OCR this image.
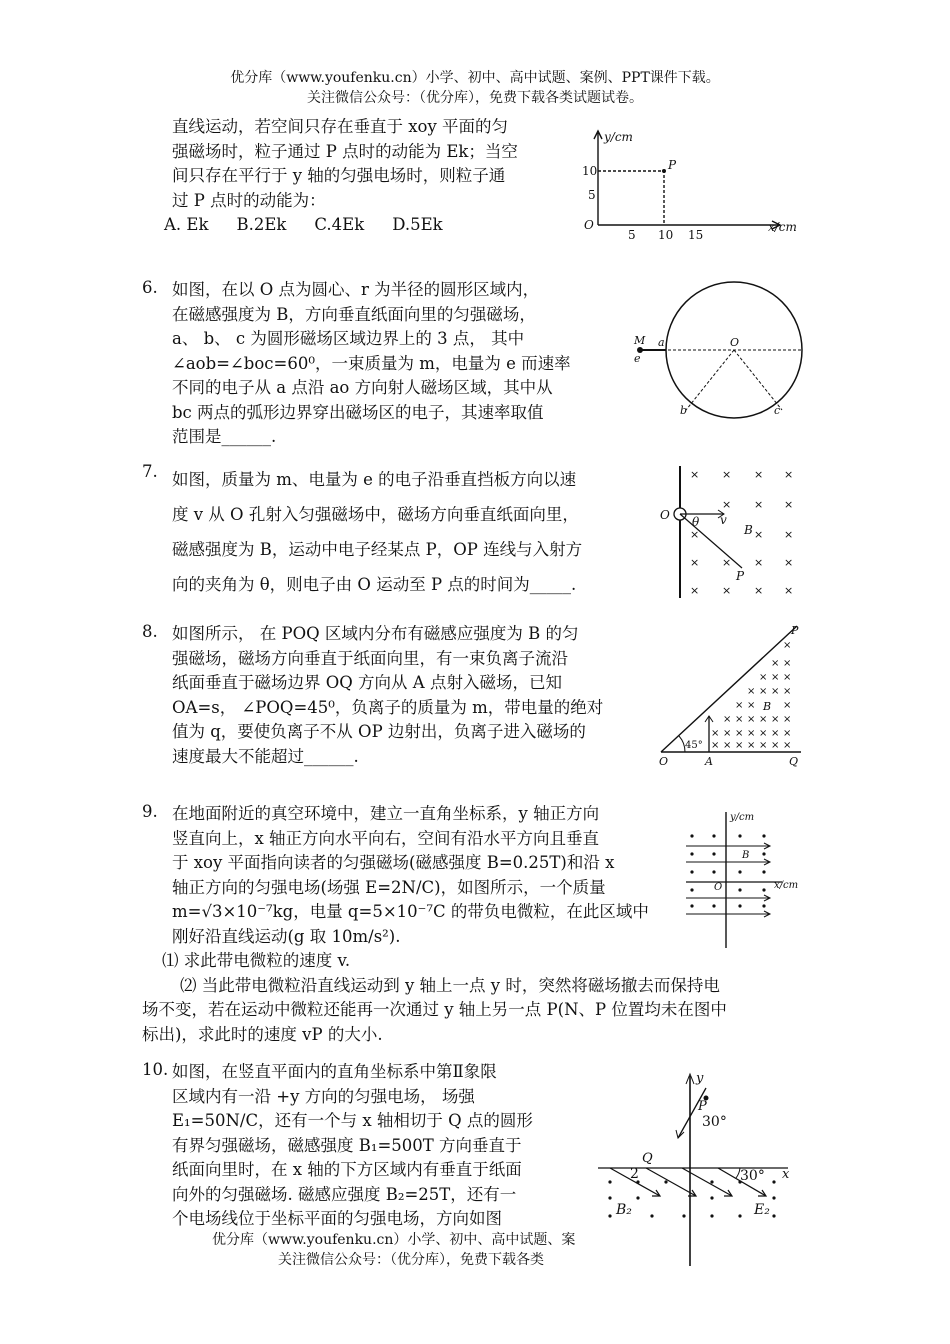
优分库（www.youfenku.cn）小学、初中、高中试题、案例、PPT课件下载。
关注微信公众号：（优分库），免费下载各类试题试卷。

直线运动，若空间只存在垂直于 xoy 平面的匀

强磁场时，粒子通过 P 点时的动能为 Ek；当空

间只存在平行于 y 轴的匀强电场时，则粒子通

过 P 点时的动能为：

A. Ek B.2Ek C.4Ek D.5Ek

y/cm
x/cm
O
P
10
5
5 10 15
6. 如图，在以 O 点为圆心、r 为半径的圆形区域内，

在磁感强度为 B，方向垂直纸面向里的匀强磁场，

a、 b、 c 为圆形磁场区域边界上的 3 点， 其中

∠aob=∠boc=60⁰，一束质量为 m，电量为 e 而速率

不同的电子从 a 点沿 ao 方向射人磁场区域，其中从

bc 两点的弧形边界穿出磁场区的电子，其速率取值

范围是______.

M
e
a	O
b	c
7. 如图，质量为 m、电量为 e 的电子沿垂直挡板方向以速

度 v 从 O 孔射入匀强磁场中，磁场方向垂直纸面向里，

磁感强度为 B，运动中电子经某点 P，OP 连线与入射方

向的夹角为 θ，则电子由 O 运动至 P 点的时间为_____.

× × × ×
× × ×
×	× ×
× × × ×
× × × ×
O θ v
B
P
8. 如图所示， 在 POQ 区域内分布有磁感应强度为 B 的匀

强磁场，磁场方向垂直于纸面向里，有一束负离子流沿

纸面垂直于磁场边界 OQ 方向从 A 点射入磁场，已知

OA=s， ∠POQ=45⁰，负离子的质量为 m，带电量的绝对

值为 q，要使负离子不从 OP 边射出，负离子进入磁场的

速度最大不能超过______.

×
× ×
× × ×
× × × ×
× ×	×
× × × × × ×
× × × × × × ×
× × × × × × ×
O	A	Q
P
B
45°
9. 在地面附近的真空环境中，建立一直角坐标系，y 轴正方向

竖直向上，x 轴正方向水平向右，空间有沿水平方向且垂直

于 xoy 平面指向读者的匀强磁场(磁感强度 B=0.25T)和沿 x

轴正方向的匀强电场(场强 E=2N/C)，如图所示，一个质量

m=√3×10⁻⁷kg，电量 q=5×10⁻⁷C 的带负电微粒，在此区域中

刚好沿直线运动(g 取 10m/s²).

⑴ 求此带电微粒的速度 v.

⑵ 当此带电微粒沿直线运动到 y 轴上一点 y 时，突然将磁场撤去而保持电

场不变，若在运动中微粒还能再一次通过 y 轴上另一点 P(N、P 位置均未在图中

标出)，求此时的速度 vP 的大小.

y/cm
x/cm
O
B
10. 如图，在竖直平面内的直角坐标系中第Ⅱ象限

区域内有一沿 +y 方向的匀强电场， 场强

E₁=50N/C，还有一个与 x 轴相切于 Q 点的圆形

有界匀强磁场，磁感强度 B₁=500T 方向垂直于

纸面向里时，在 x 轴的下方区域内有垂直于纸面

向外的匀强磁场. 磁感应强度 B₂=25T，还有一

个电场线位于坐标平面的匀强电场，方向如图

y
x
P
Q
B₂	E₂
30°
30°
2
优分库（www.youfenku.cn）小学、初中、高中试题、案
关注微信公众号：（优分库），免费下载各类
